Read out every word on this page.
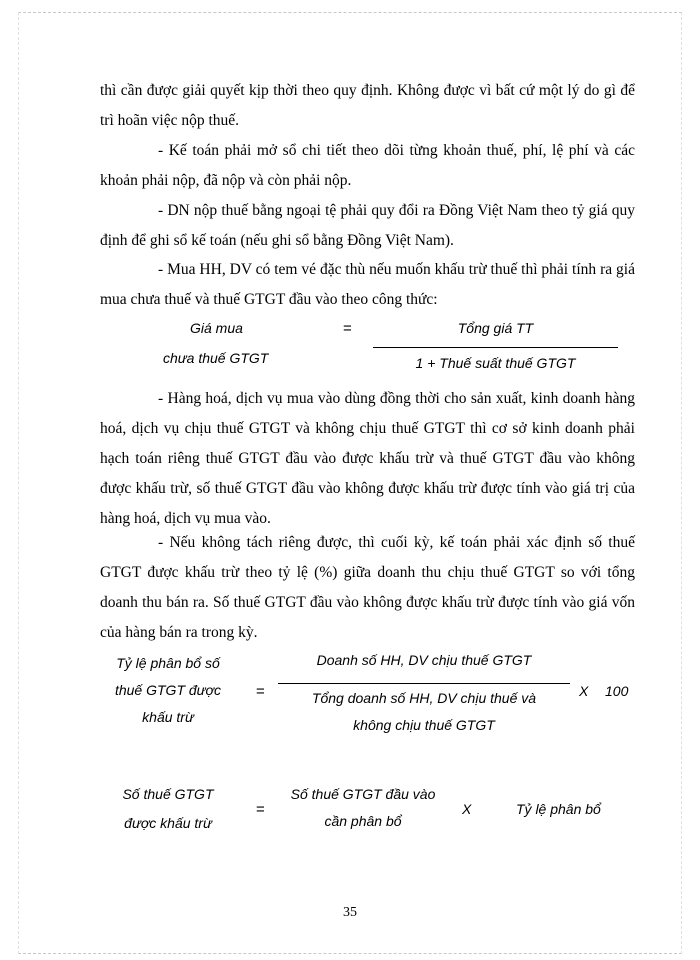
thì cần được giải quyết kịp thời theo quy định. Không được vì bất cứ một lý do gì để trì hoãn việc nộp thuế.
- Kế toán phải mở sổ chi tiết theo dõi từng khoản thuế, phí, lệ phí và các khoản phải nộp, đã nộp và còn phải nộp.
- DN nộp thuế bằng ngoại tệ phải quy đổi ra Đồng Việt Nam theo tỷ giá quy định để ghi sổ kế toán (nếu ghi sổ bằng Đồng Việt Nam).
- Mua HH, DV có tem vé đặc thù nếu muốn khấu trừ thuế thì phải tính ra giá mua chưa thuế và thuế GTGT đầu vào theo công thức:
Giá mua
chưa thuế GTGT
=	Tổng giá TT
1 + Thuế suất thuế GTGT
- Hàng hoá, dịch vụ mua vào dùng đồng thời cho sản xuất, kinh doanh hàng hoá, dịch vụ chịu thuế GTGT và không chịu thuế GTGT thì cơ sở kinh doanh phải hạch toán riêng thuế GTGT đầu vào được khấu trừ và thuế GTGT đầu vào không được khấu trừ, số thuế GTGT đầu vào không được khấu trừ được tính vào giá trị của hàng hoá, dịch vụ mua vào.
- Nếu không tách riêng được, thì cuối kỳ, kế toán phải xác định số thuế GTGT được khấu trừ theo tỷ lệ (%) giữa doanh thu chịu thuế GTGT so với tổng doanh thu bán ra. Số thuế GTGT đầu vào không được khấu trừ được tính vào giá vốn của hàng bán ra trong kỳ.
Tỷ lệ phân bổ số
thuế GTGT được
khấu trừ
=
Doanh số HH, DV chịu thuế GTGT
Tổng doanh số HH, DV chịu thuế và
không chịu thuế GTGT
X 100
Số thuế GTGT
được khấu trừ
=
Số thuế GTGT đầu vào
cần phân bổ
X	Tỷ lệ phân bổ
35
